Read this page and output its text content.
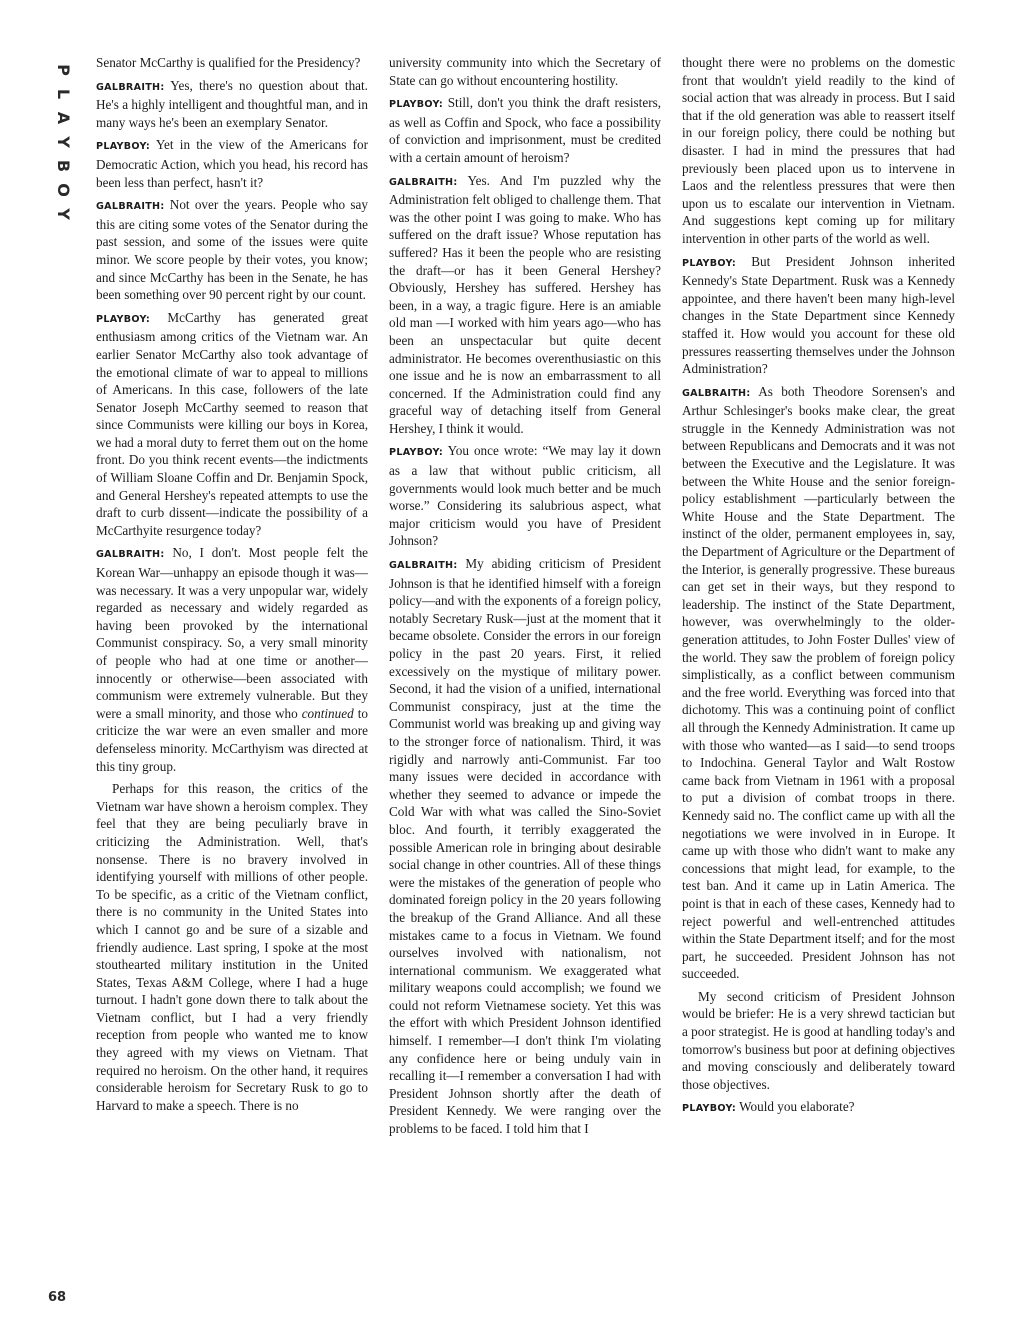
P
L
A
Y
B
O
Y
68

Senator McCarthy is qualified for the Presidency?

GALBRAITH: Yes, there's no question about that. He's a highly intelligent and thoughtful man, and in many ways he's been an exemplary Senator.

PLAYBOY: Yet in the view of the Americans for Democratic Action, which you head, his record has been less than perfect, hasn't it?

GALBRAITH: Not over the years. People who say this are citing some votes of the Senator during the past session, and some of the issues were quite minor. We score people by their votes, you know; and since McCarthy has been in the Senate, he has been something over 90 percent right by our count.

PLAYBOY: McCarthy has generated great enthusiasm among critics of the Vietnam war. An earlier Senator McCarthy also took advantage of the emotional climate of war to appeal to millions of Americans. In this case, followers of the late Senator Joseph McCarthy seemed to reason that since Communists were killing our boys in Korea, we had a moral duty to ferret them out on the home front. Do you think recent events—the indictments of William Sloane Coffin and Dr. Benjamin Spock, and General Hershey's repeated attempts to use the draft to curb dissent—indicate the possibility of a McCarthyite resurgence today?

GALBRAITH: No, I don't. Most people felt the Korean War—unhappy an episode though it was—was necessary. It was a very unpopular war, widely regarded as necessary and widely regarded as having been provoked by the international Communist conspiracy. So, a very small minority of people who had at one time or another—innocently or otherwise—been associated with communism were extremely vulnerable. But they were a small minority, and those who continued to criticize the war were an even smaller and more defenseless minority. McCarthyism was directed at this tiny group.

Perhaps for this reason, the critics of the Vietnam war have shown a heroism complex. They feel that they are being peculiarly brave in criticizing the Administration. Well, that's nonsense. There is no bravery involved in identifying yourself with millions of other people. To be specific, as a critic of the Vietnam conflict, there is no community in the United States into which I cannot go and be sure of a sizable and friendly audience. Last spring, I spoke at the most stouthearted military institution in the United States, Texas A&M College, where I had a huge turnout. I hadn't gone down there to talk about the Vietnam conflict, but I had a very friendly reception from people who wanted me to know they agreed with my views on Vietnam. That required no heroism. On the other hand, it requires considerable heroism for Secretary Rusk to go to Harvard to make a speech. There is no

university community into which the Secretary of State can go without encountering hostility.

PLAYBOY: Still, don't you think the draft resisters, as well as Coffin and Spock, who face a possibility of conviction and imprisonment, must be credited with a certain amount of heroism?

GALBRAITH: Yes. And I'm puzzled why the Administration felt obliged to challenge them. That was the other point I was going to make. Who has suffered on the draft issue? Whose reputation has suffered? Has it been the people who are resisting the draft—or has it been General Hershey? Obviously, Hershey has suffered. Hershey has been, in a way, a tragic figure. Here is an amiable old man —I worked with him years ago—who has been an unspectacular but quite decent administrator. He becomes overenthusiastic on this one issue and he is now an embarrassment to all concerned. If the Administration could find any graceful way of detaching itself from General Hershey, I think it would.

PLAYBOY: You once wrote: “We may lay it down as a law that without public criticism, all governments would look much better and be much worse.” Considering its salubrious aspect, what major criticism would you have of President Johnson?

GALBRAITH: My abiding criticism of President Johnson is that he identified himself with a foreign policy—and with the exponents of a foreign policy, notably Secretary Rusk—just at the moment that it became obsolete. Consider the errors in our foreign policy in the past 20 years. First, it relied excessively on the mystique of military power. Second, it had the vision of a unified, international Communist conspiracy, just at the time the Communist world was breaking up and giving way to the stronger force of nationalism. Third, it was rigidly and narrowly anti-Communist. Far too many issues were decided in accordance with whether they seemed to advance or impede the Cold War with what was called the Sino-Soviet bloc. And fourth, it terribly exaggerated the possible American role in bringing about desirable social change in other countries. All of these things were the mistakes of the generation of people who dominated foreign policy in the 20 years following the breakup of the Grand Alliance. And all these mistakes came to a focus in Vietnam. We found ourselves involved with nationalism, not international communism. We exaggerated what military weapons could accomplish; we found we could not reform Vietnamese society. Yet this was the effort with which President Johnson identified himself. I remember—I don't think I'm violating any confidence here or being unduly vain in recalling it—I remember a conversation I had with President Johnson shortly after the death of President Kennedy. We were ranging over the problems to be faced. I told him that I

thought there were no problems on the domestic front that wouldn't yield readily to the kind of social action that was already in process. But I said that if the old generation was able to reassert itself in our foreign policy, there could be nothing but disaster. I had in mind the pressures that had previously been placed upon us to intervene in Laos and the relentless pressures that were then upon us to escalate our intervention in Vietnam. And suggestions kept coming up for military intervention in other parts of the world as well.

PLAYBOY: But President Johnson inherited Kennedy's State Department. Rusk was a Kennedy appointee, and there haven't been many high-level changes in the State Department since Kennedy staffed it. How would you account for these old pressures reasserting themselves under the Johnson Administration?

GALBRAITH: As both Theodore Sorensen's and Arthur Schlesinger's books make clear, the great struggle in the Kennedy Administration was not between Republicans and Democrats and it was not between the Executive and the Legislature. It was between the White House and the senior foreign-policy establishment —particularly between the White House and the State Department. The instinct of the older, permanent employees in, say, the Department of Agriculture or the Department of the Interior, is generally progressive. These bureaus can get set in their ways, but they respond to leadership. The instinct of the State Department, however, was overwhelmingly to the older-generation attitudes, to John Foster Dulles' view of the world. They saw the problem of foreign policy simplistically, as a conflict between communism and the free world. Everything was forced into that dichotomy. This was a continuing point of conflict all through the Kennedy Administration. It came up with those who wanted—as I said—to send troops to Indochina. General Taylor and Walt Rostow came back from Vietnam in 1961 with a proposal to put a division of combat troops in there. Kennedy said no. The conflict came up with all the negotiations we were involved in in Europe. It came up with those who didn't want to make any concessions that might lead, for example, to the test ban. And it came up in Latin America. The point is that in each of these cases, Kennedy had to reject powerful and well-entrenched attitudes within the State Department itself; and for the most part, he succeeded. President Johnson has not succeeded.

My second criticism of President Johnson would be briefer: He is a very shrewd tactician but a poor strategist. He is good at handling today's and tomorrow's business but poor at defining objectives and moving consciously and deliberately toward those objectives.

PLAYBOY: Would you elaborate?
